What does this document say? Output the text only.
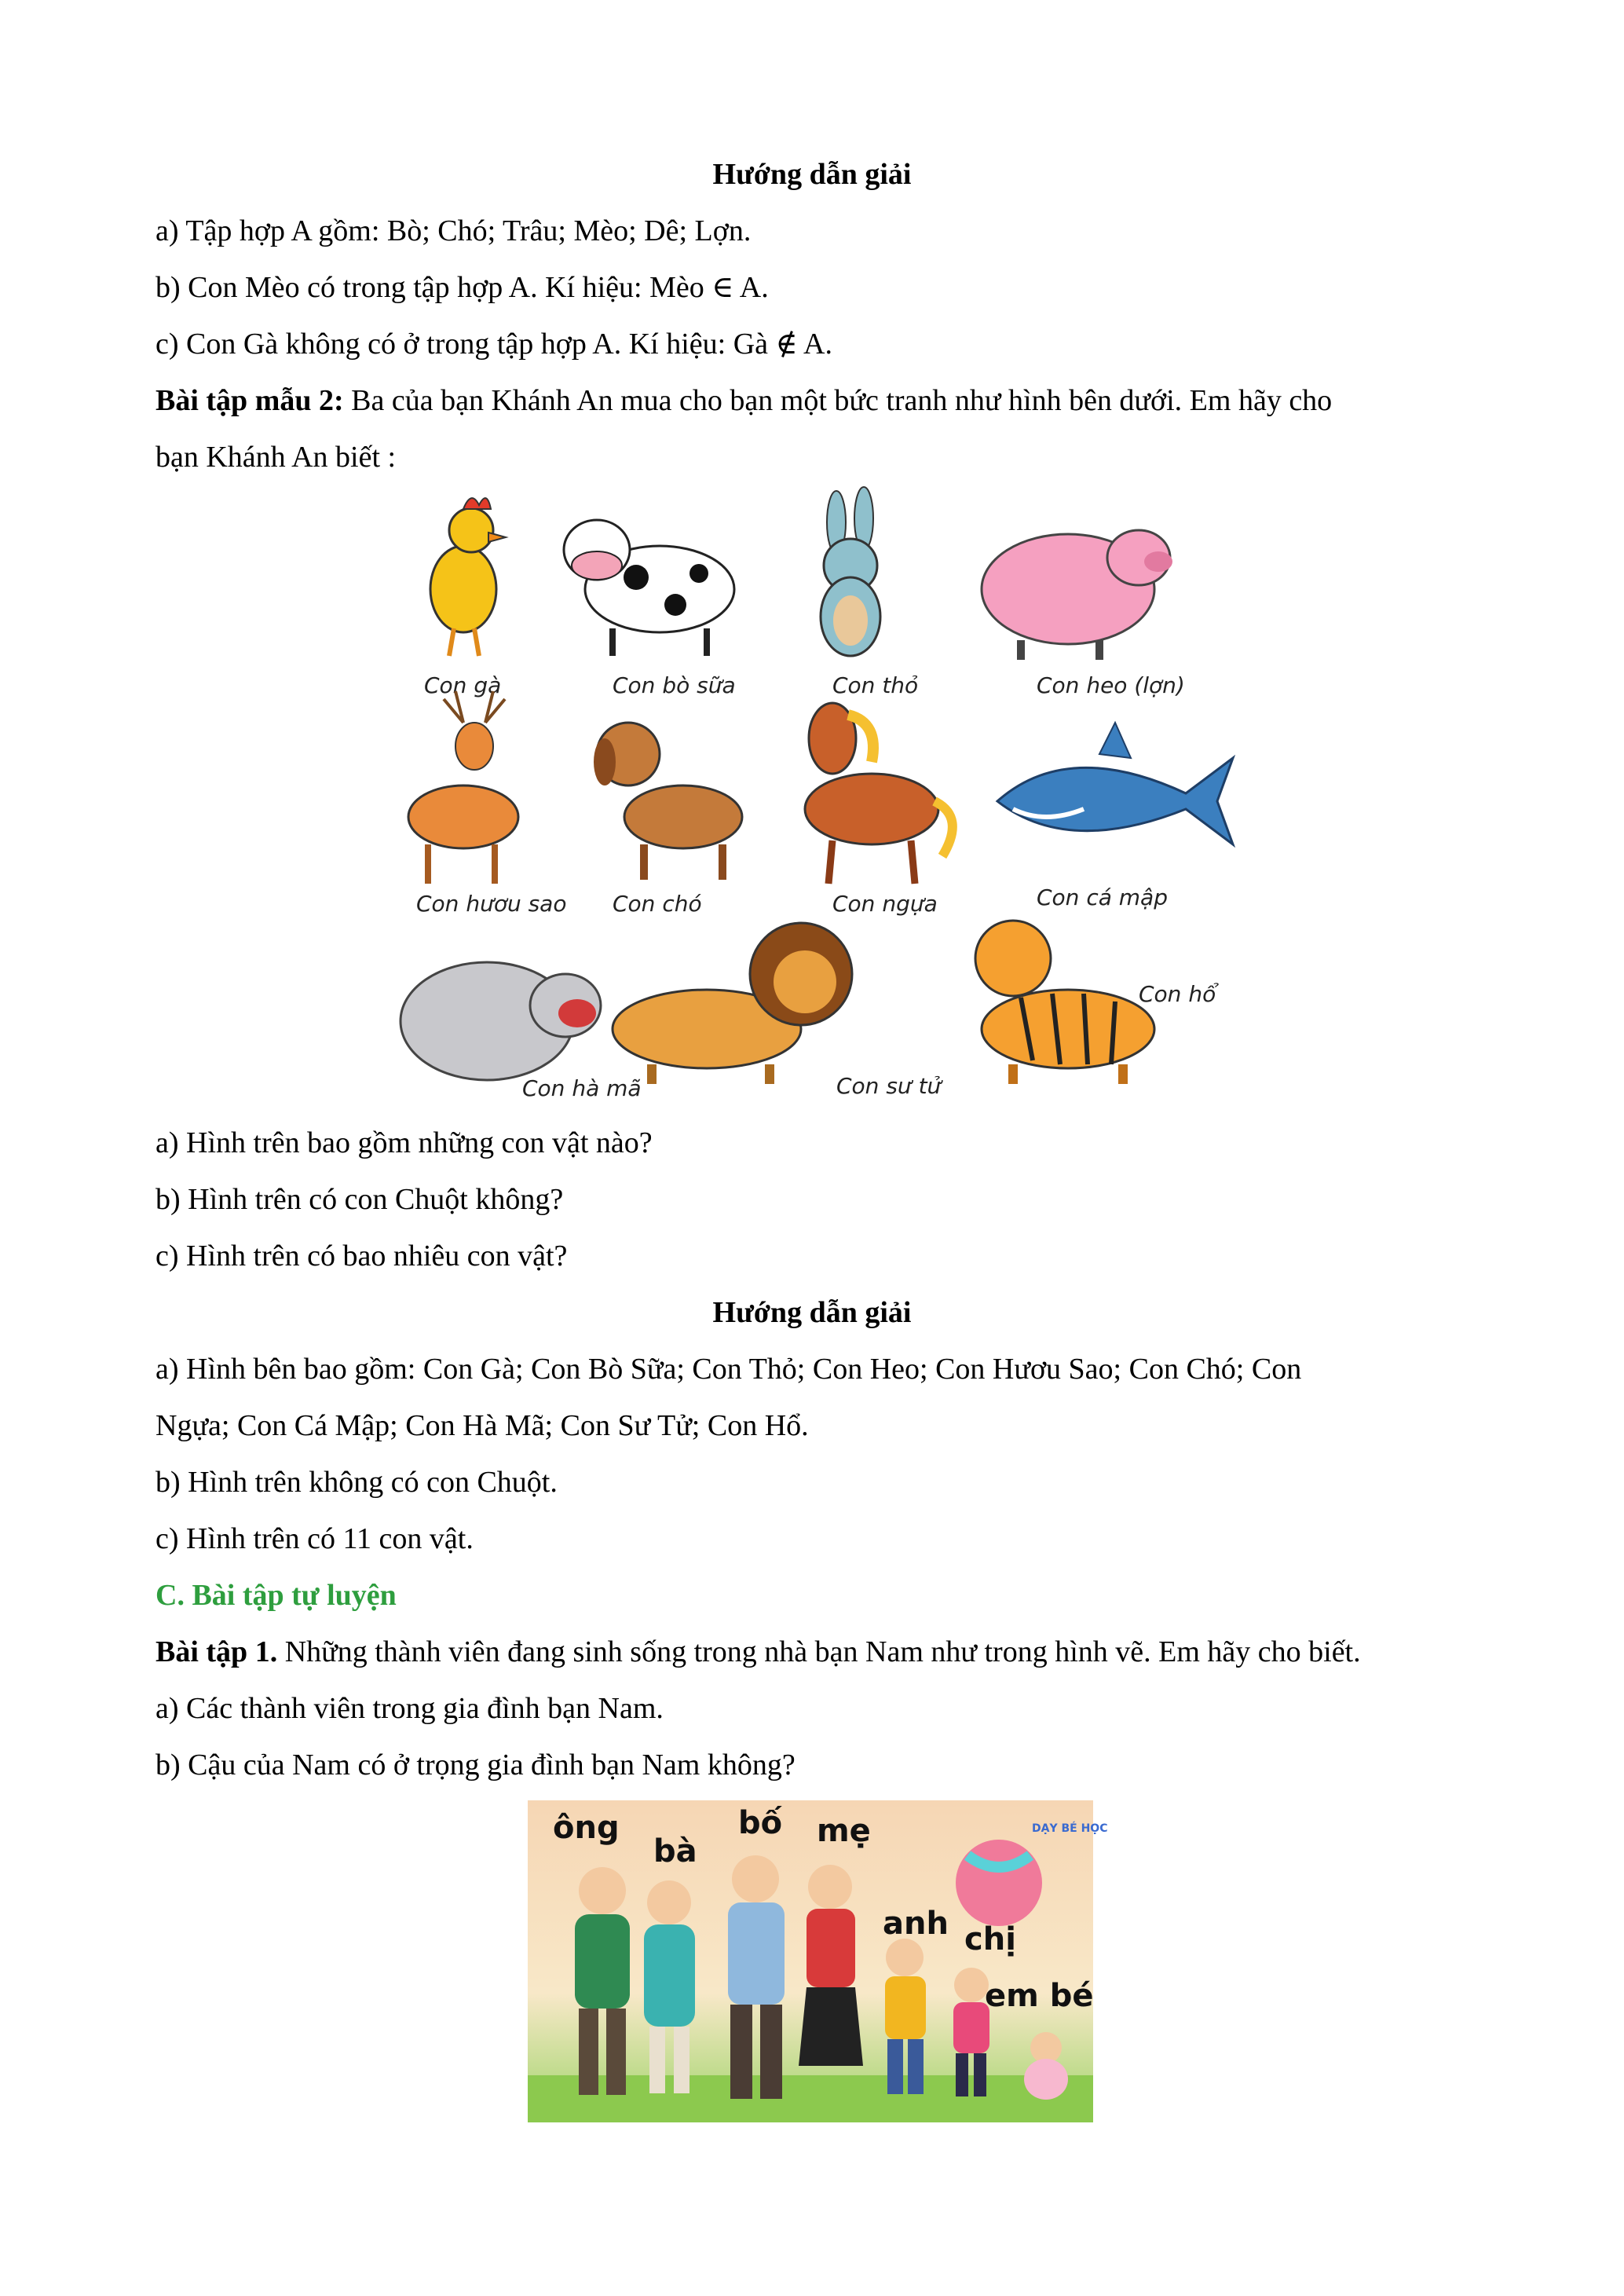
Hướng dẫn giải
a) Tập hợp A gồm: Bò; Chó; Trâu; Mèo; Dê; Lợn.
b) Con Mèo có trong tập hợp A. Kí hiệu: Mèo ∈ A.
c) Con Gà không có ở trong tập hợp A. Kí hiệu: Gà ∉ A.
Bài tập mẫu 2: Ba của bạn Khánh An mua cho bạn một bức tranh như hình bên dưới. Em hãy cho
bạn Khánh An biết :
Con gà	Con bò sữa	Con thỏ	Con heo (lợn)
Con hươu sao Con chó	Con ngựa	Con cá mập
Con hà mã	Con sư tử
Con hổ
a) Hình trên bao gồm những con vật nào?
b) Hình trên có con Chuột không?
c) Hình trên có bao nhiêu con vật?
Hướng dẫn giải
a) Hình bên bao gồm: Con Gà; Con Bò Sữa; Con Thỏ; Con Heo; Con Hươu Sao; Con Chó; Con
Ngựa; Con Cá Mập; Con Hà Mã; Con Sư Tử; Con Hổ.
b) Hình trên không có con Chuột.
c) Hình trên có 11 con vật.
C. Bài tập tự luyện
Bài tập 1. Những thành viên đang sinh sống trong nhà bạn Nam như trong hình vẽ. Em hãy cho biết.
a) Các thành viên trong gia đình bạn Nam.
b) Cậu của Nam có ở trọng gia đình bạn Nam không?
ông
bà
bố mẹ
anh chị
em bé
DẠY BÉ HỌC
